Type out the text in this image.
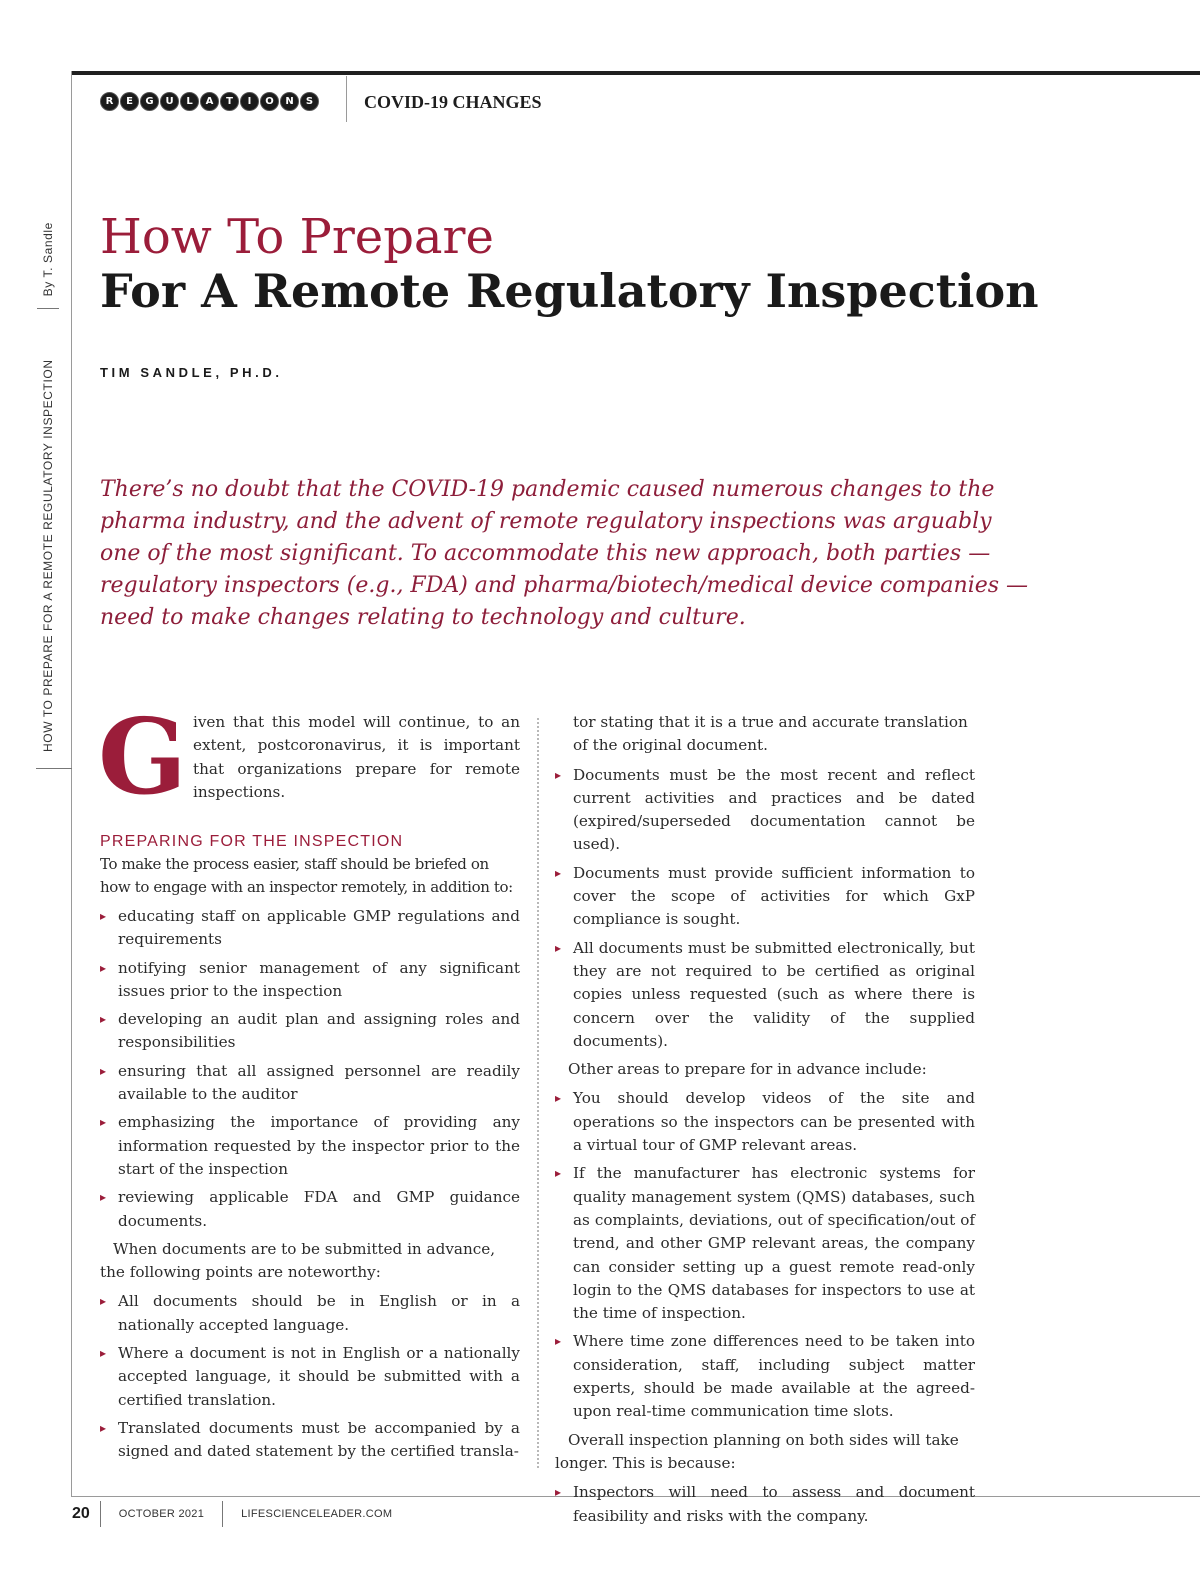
R	E	G	U	L	A	T	I	O	N	S	COVID-19 CHANGES
HOW TO PREPARE FOR A REMOTE REGULATORY INSPECTION
By T. Sandle How To Prepare
For A Remote Regulatory Inspection
TIM SANDLE, PH.D.
There’s no doubt that the COVID-19 pandemic caused numerous changes to the
pharma industry, and the advent of remote regulatory inspections was arguably
one of the most significant. To accommodate this new approach, both parties —
regulatory inspectors (e.g., FDA) and pharma/biotech/medical device companies —
need to make changes relating to technology and culture.
G iven that this model will continue, to an
extent, postcoronavirus, it is important
that organizations prepare for remote
inspections.
PREPARING FOR THE INSPECTION

To make the process easier, staff should be briefed on how to engage with an inspector remotely, in addition to:

▸ educating staff on applicable GMP regulations and requirements
▸ notifying senior management of any significant issues prior to the inspection
▸ developing an audit plan and assigning roles and responsibilities
▸ ensuring that all assigned personnel are readily available to the auditor
▸ emphasizing the importance of providing any information requested by the inspector prior to the start of the inspection
▸ reviewing applicable FDA and GMP guidance documents.

When documents are to be submitted in advance, the following points are noteworthy:

▸ All documents should be in English or in a nationally accepted language.
▸ Where a document is not in English or a nationally accepted language, it should be submitted with a certified translation.
▸ Translated documents must be accompanied by a signed and dated statement by the certified transla-
tor stating that it is a true and accurate translation of the original document.
▸ Documents must be the most recent and reflect current activities and practices and be dated (expired/superseded documentation cannot be used).
▸ Documents must provide sufficient information to cover the scope of activities for which GxP compliance is sought.
▸ All documents must be submitted electronically, but they are not required to be certified as original copies unless requested (such as where there is concern over the validity of the supplied documents).

Other areas to prepare for in advance include:

▸ You should develop videos of the site and operations so the inspectors can be presented with a virtual tour of GMP relevant areas.
▸ If the manufacturer has electronic systems for quality management system (QMS) databases, such as complaints, deviations, out of specification/out of trend, and other GMP relevant areas, the company can consider setting up a guest remote read-only login to the QMS databases for inspectors to use at the time of inspection.
▸ Where time zone differences need to be taken into consideration, staff, including subject matter experts, should be made available at the agreed-upon real-time communication time slots.

Overall inspection planning on both sides will take longer. This is because:

▸ Inspectors will need to assess and document feasibility and risks with the company.
20	OCTOBER 2021	LIFESCIENCELEADER.COM
